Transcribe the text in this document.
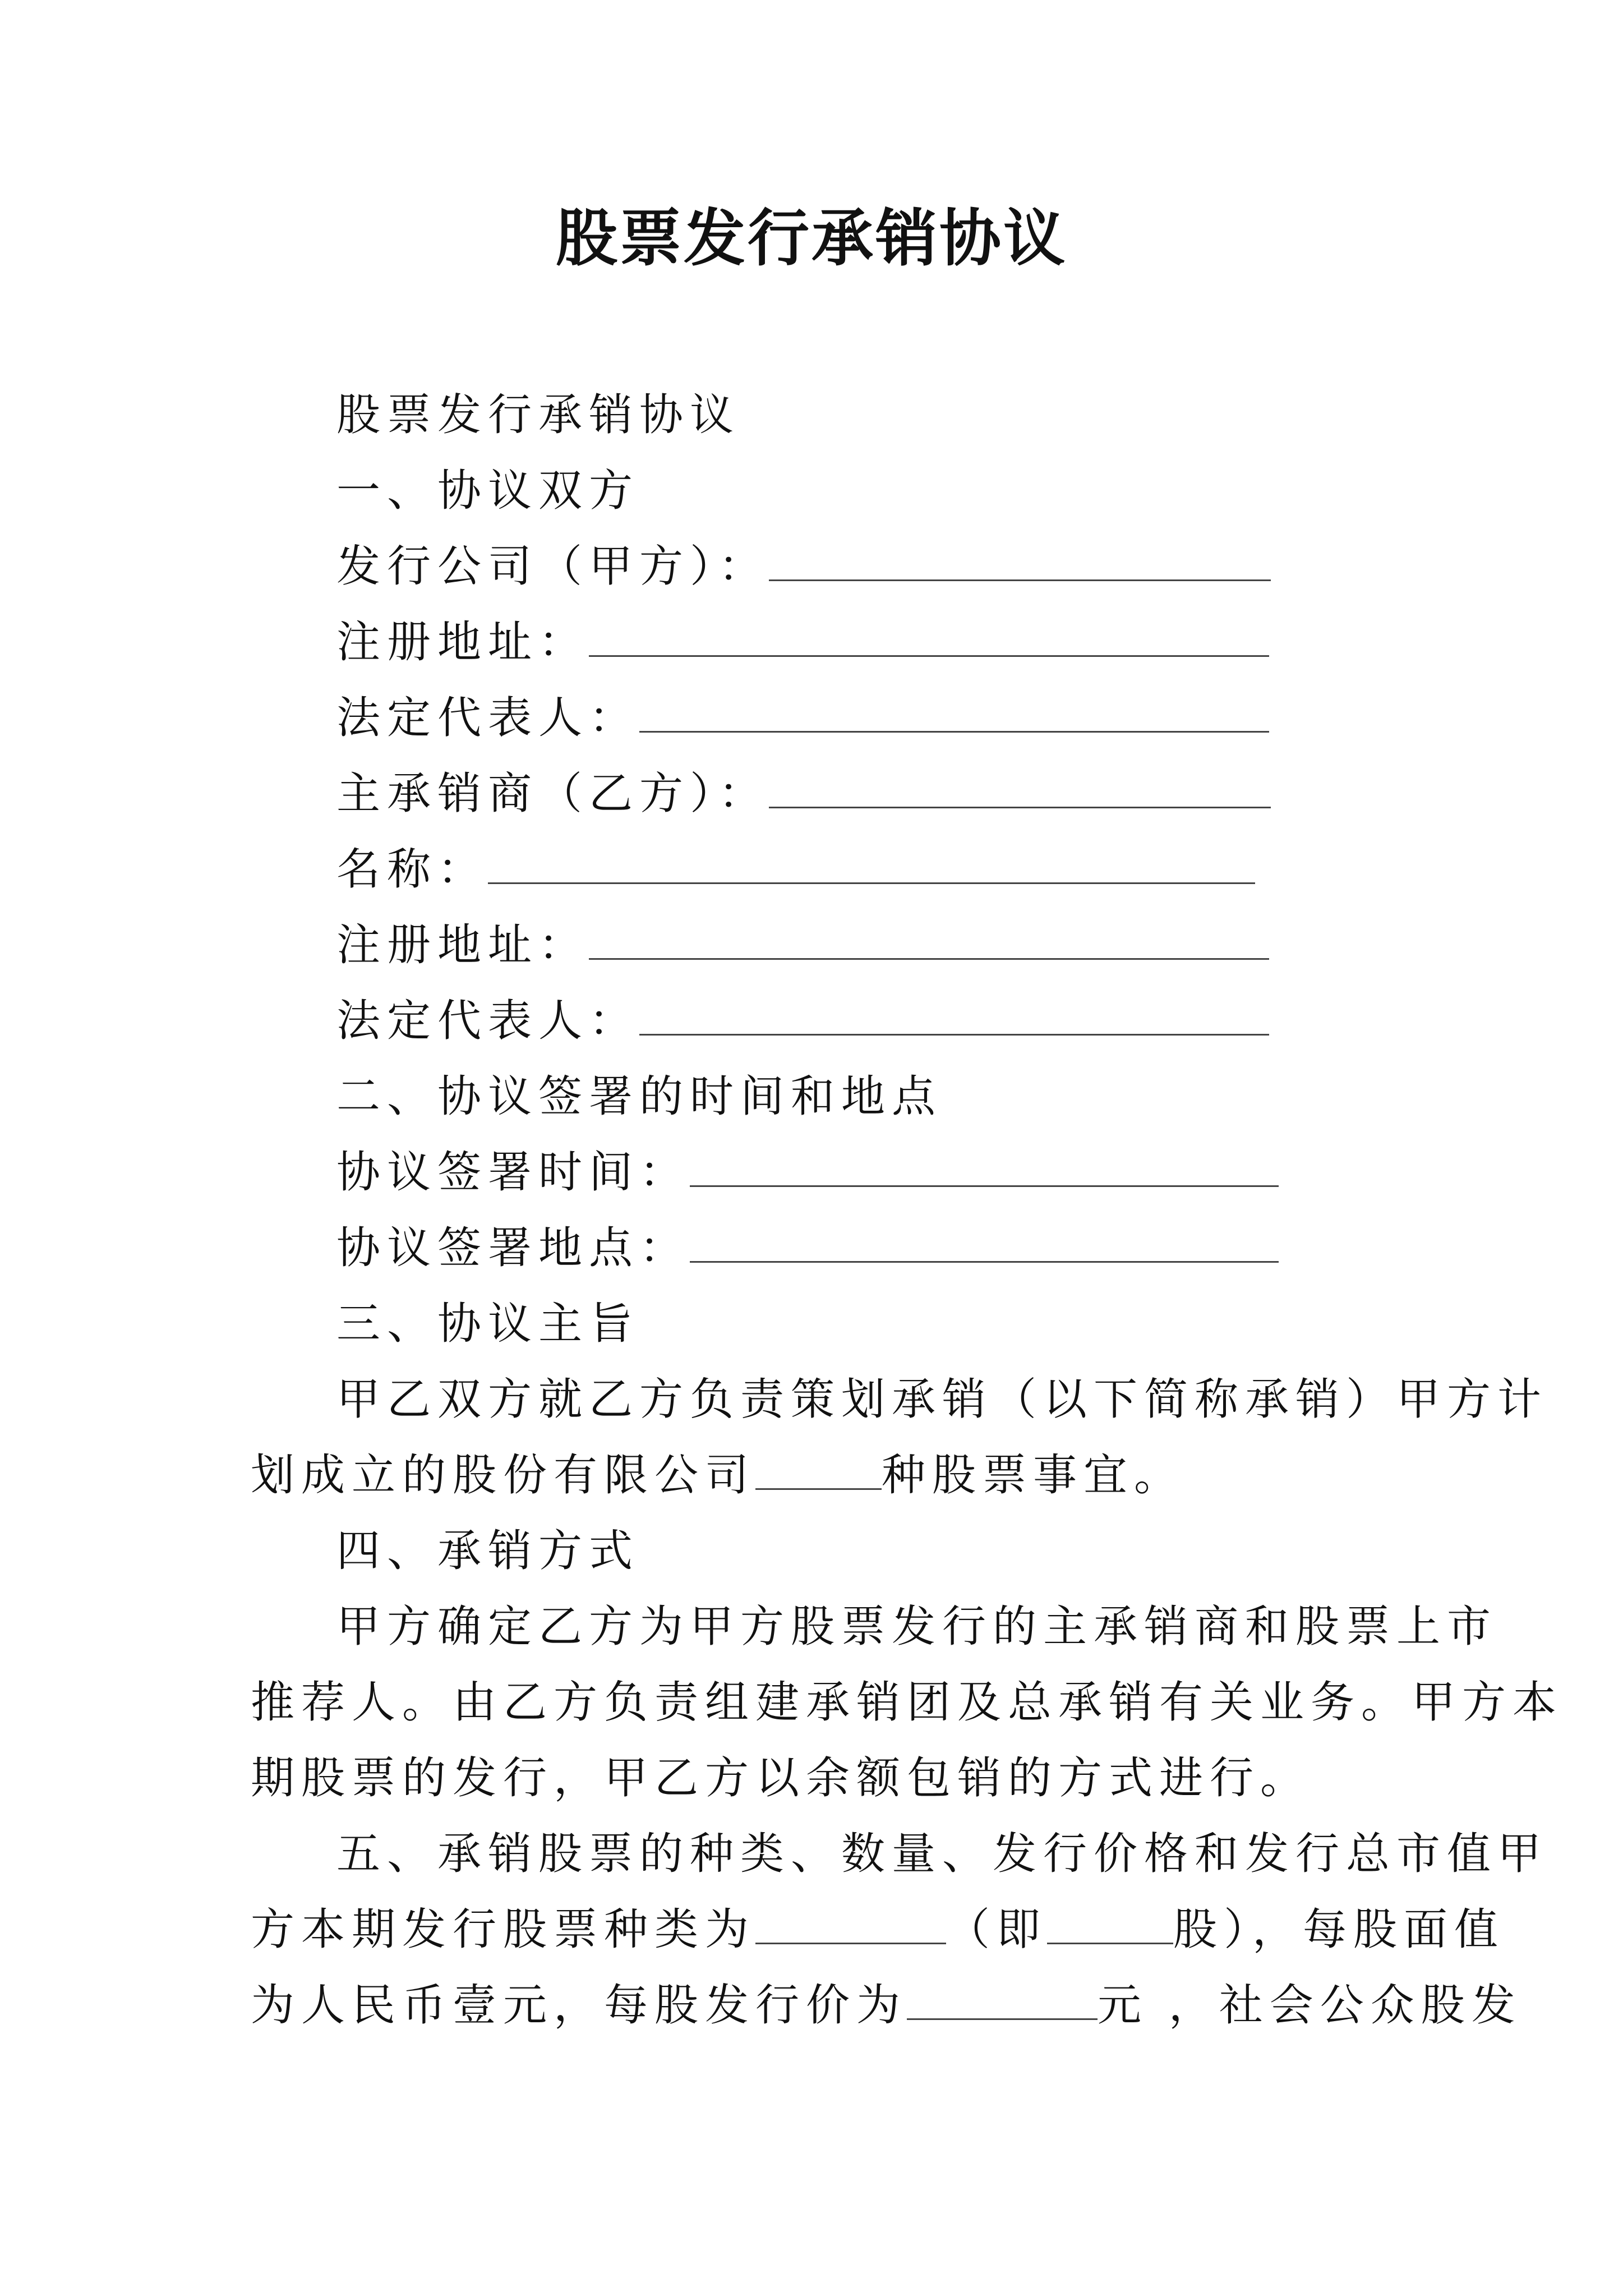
股票发行承销协议
股票发行承销协议
一、协议双方
发行公司（甲方）：
注册地址：
法定代表人：
主承销商（乙方）：
名称：
注册地址：
法定代表人：
二、协议签署的时间和地点
协议签署时间：
协议签署地点：
三、协议主旨
甲乙双方就乙方负责策划承销（以下简称承销）甲方计
划成立的股份有限公司	种股票事宜。
四、承销方式
甲方确定乙方为甲方股票发行的主承销商和股票上市
推荐人。由乙方负责组建承销团及总承销有关业务。甲方本
期股票的发行，甲乙方以余额包销的方式进行。
五、承销股票的种类、数量、发行价格和发行总市值甲
方本期发行股票种类为	（即	股），每股面值
为人民币壹元，每股发行价为	元 ，社会公众股发
